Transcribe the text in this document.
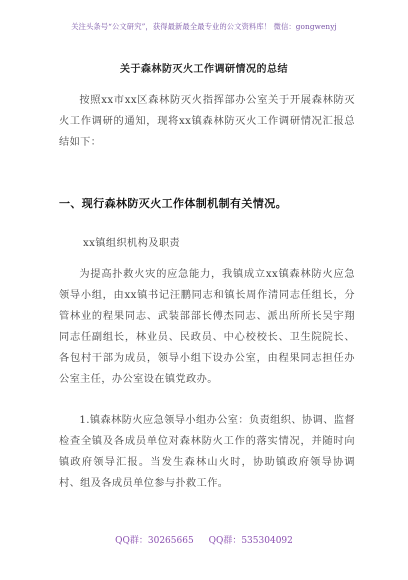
关注头条号“公文研究”，获得最新最全最专业的公文资料库！ 微信：gongwenyj
关于森林防灭火工作调研情况的总结
按照xx市xx区森林防灭火指挥部办公室关于开展森林防灭火工作调研的通知，现将xx镇森林防灭火工作调研情况汇报总结如下：
一、现行森林防灭火工作体制机制有关情况。
xx镇组织机构及职责
为提高扑救火灾的应急能力，我镇成立xx镇森林防火应急领导小组，由xx镇书记汪鹏同志和镇长周作清同志任组长，分管林业的程果同志、武装部部长傅杰同志、派出所所长吴宇翔同志任副组长，林业员、民政员、中心校校长、卫生院院长、各包村干部为成员，领导小组下设办公室，由程果同志担任办公室主任，办公室设在镇党政办。
1.镇森林防火应急领导小组办公室：负责组织、协调、监督检查全镇及各成员单位对森林防火工作的落实情况，并随时向镇政府领导汇报。当发生森林山火时，协助镇政府领导协调村、组及各成员单位参与扑救工作。
QQ群：30265665 QQ群：535304092
